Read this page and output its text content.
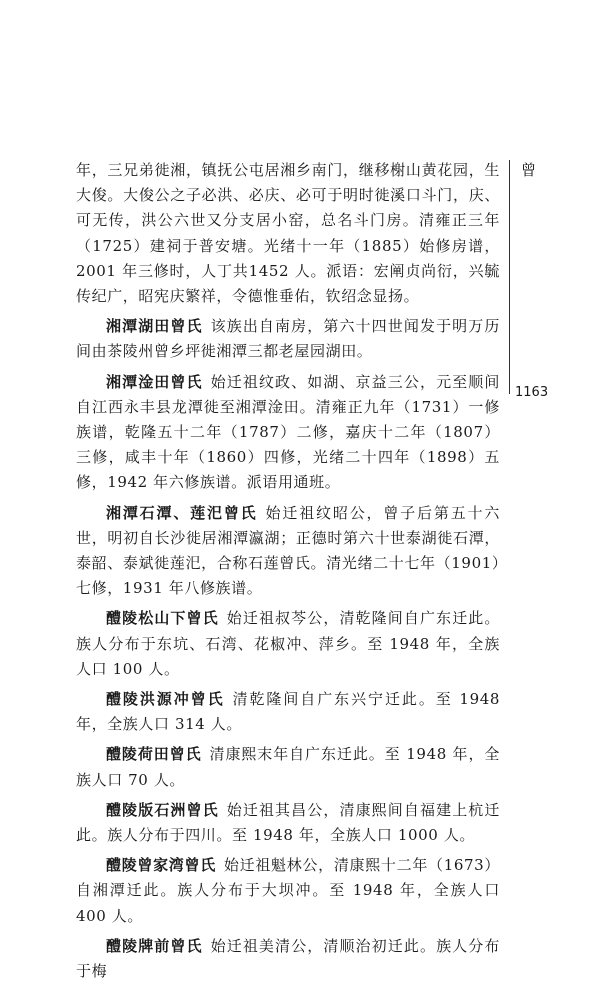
年，三兄弟徙湘，镇抚公屯居湘乡南门，继移榭山黄花园，生大俊。大俊公之子必洪、必庆、必可于明时徙溪口斗门，庆、可无传，洪公六世又分支居小窑，总名斗门房。清雍正三年（1725）建祠于普安塘。光绪十一年（1885）始修房谱，2001 年三修时，人丁共1452 人。派语：宏阐贞尚衍，兴毓传纪广，昭宪庆繁祥，令德惟垂佑，钦绍念显扬。

湘潭湖田曾氏 该族出自南房，第六十四世闻发于明万历间由茶陵州曾乡坪徙湘潭三都老屋园湖田。

湘潭淦田曾氏 始迁祖纹政、如湖、京益三公，元至顺间自江西永丰县龙潭徙至湘潭淦田。清雍正九年（1731）一修族谱，乾隆五十二年（1787）二修，嘉庆十二年（1807）三修，咸丰十年（1860）四修，光绪二十四年（1898）五修，1942 年六修族谱。派语用通班。

湘潭石潭、莲汜曾氏 始迁祖纹昭公，曾子后第五十六世，明初自长沙徙居湘潭瀛湖；正德时第六十世泰湖徙石潭，泰韶、泰斌徙莲汜，合称石莲曾氏。清光绪二十七年（1901）七修，1931 年八修族谱。

醴陵松山下曾氏 始迁祖叔芩公，清乾隆间自广东迁此。族人分布于东坑、石湾、花椒冲、萍乡。至 1948 年，全族人口 100 人。

醴陵洪源冲曾氏 清乾隆间自广东兴宁迁此。至 1948 年，全族人口 314 人。

醴陵荷田曾氏 清康熙末年自广东迁此。至 1948 年，全族人口 70 人。

醴陵版石洲曾氏 始迁祖其昌公，清康熙间自福建上杭迁此。族人分布于四川。至 1948 年，全族人口 1000 人。

醴陵曾家湾曾氏 始迁祖魁林公，清康熙十二年（1673）自湘潭迁此。族人分布于大坝冲。至 1948 年，全族人口 400 人。

醴陵牌前曾氏 始迁祖美清公，清顺治初迁此。族人分布于梅

曾
1163
